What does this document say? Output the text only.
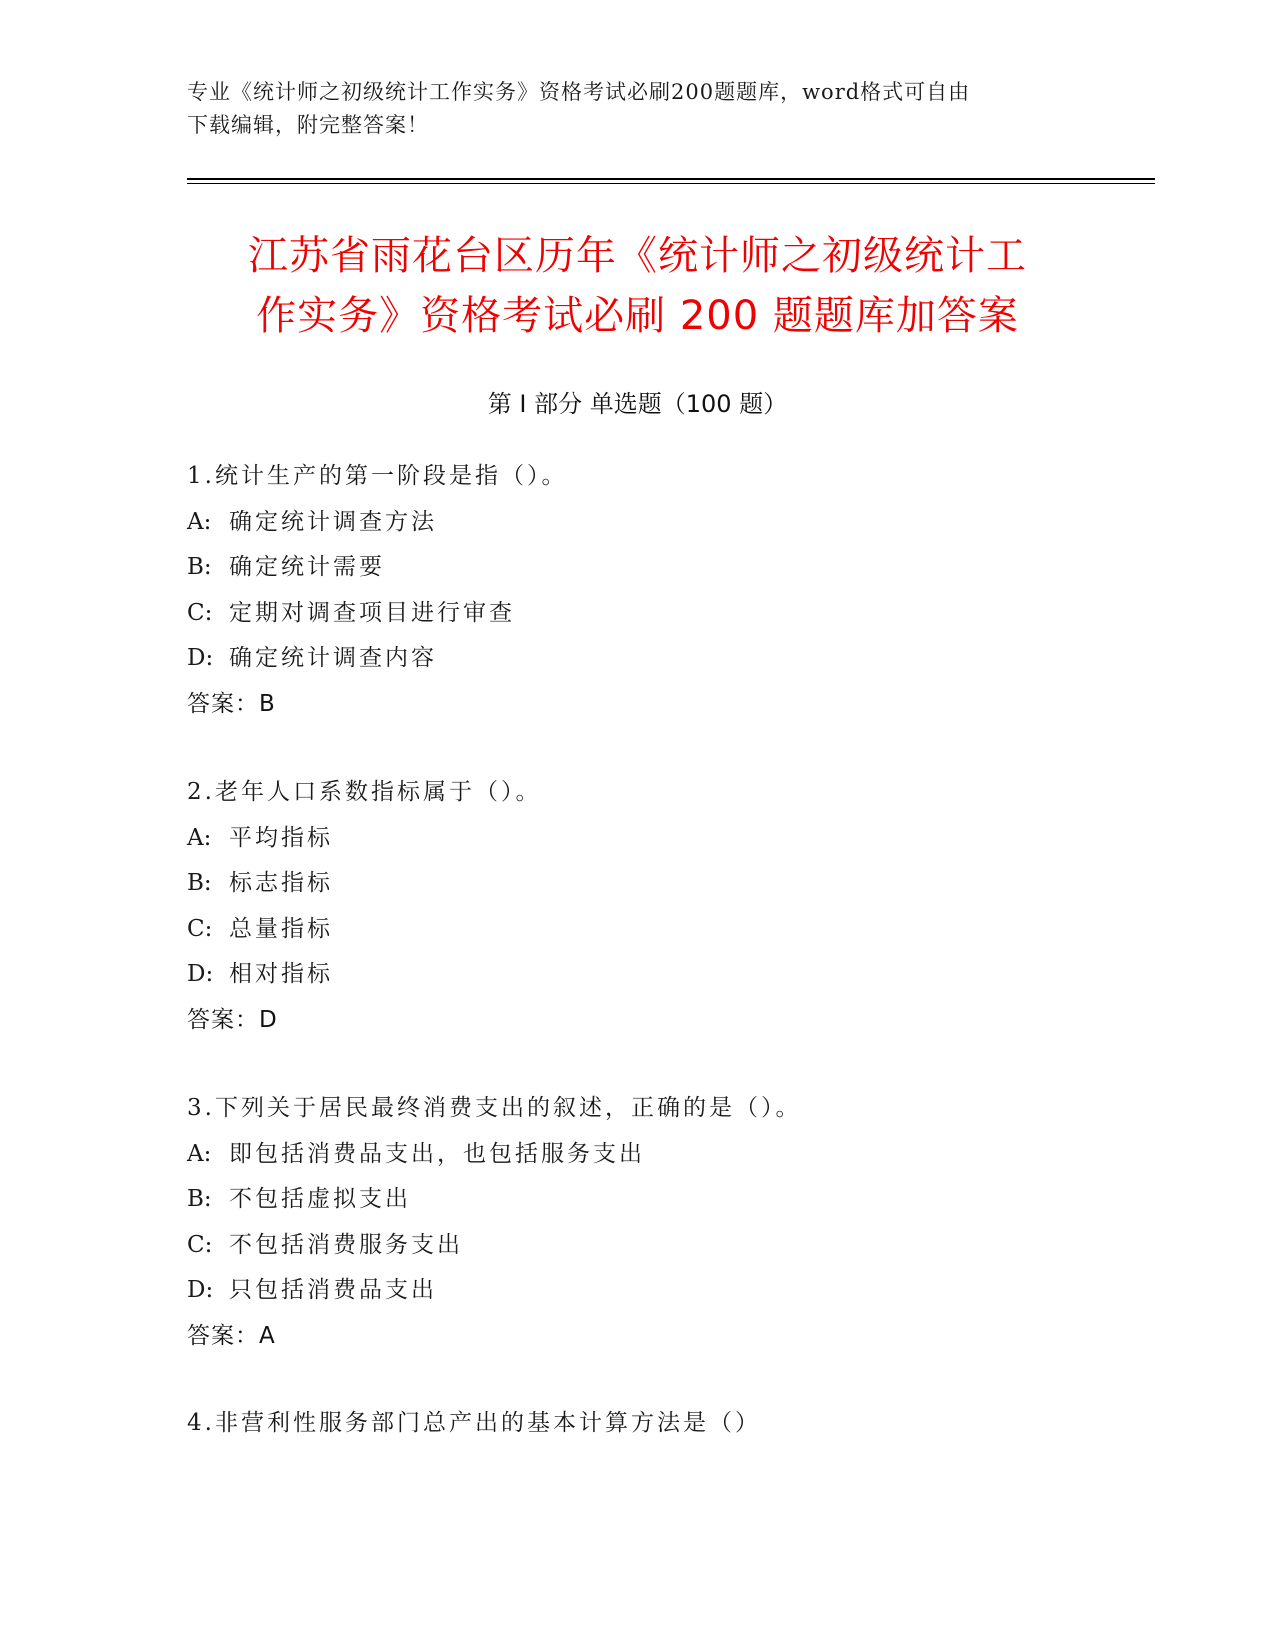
专业《统计师之初级统计工作实务》资格考试必刷200题题库，word格式可自由
下载编辑，附完整答案！
江苏省雨花台区历年《统计师之初级统计工
作实务》资格考试必刷 200 题题库加答案
第 I 部分 单选题（100 题）
1.统计生产的第一阶段是指（）。
A: 确定统计调查方法
B: 确定统计需要
C: 定期对调查项目进行审查
D: 确定统计调查内容
答案：B
2.老年人口系数指标属于（）。
A: 平均指标
B: 标志指标
C: 总量指标
D: 相对指标
答案：D
3.下列关于居民最终消费支出的叙述，正确的是（）。
A: 即包括消费品支出，也包括服务支出
B: 不包括虚拟支出
C: 不包括消费服务支出
D: 只包括消费品支出
答案：A
4.非营利性服务部门总产出的基本计算方法是（）
